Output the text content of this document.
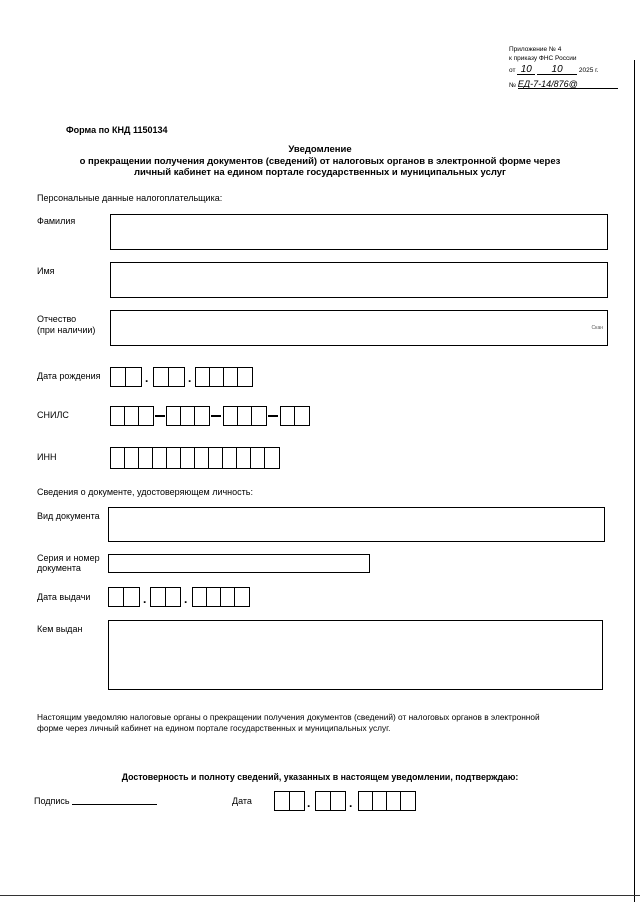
Приложение № 4
к приказу ФНС России
от 10 10	2025 г.
№ ЕД-7-14/876@
Форма по КНД 1150134
Уведомление
о прекращении получения документов (сведений) от налоговых органов в электронной форме через
личный кабинет на едином портале государственных и муниципальных услуг
Персональные данные налогоплательщика:
Фамилия
Имя
Отчество
(при наличии)	Скан
Дата рождения	.	.
СНИЛС
ИНН
Сведения о документе, удостоверяющем личность:
Вид документа
Серия и номер
документа
Дата выдачи	.	.
Кем выдан
Настоящим уведомляю налоговые органы о прекращении получения документов (сведений) от налоговых органов в электронной
форме через личный кабинет на едином портале государственных и муниципальных услуг.
Достоверность и полноту сведений, указанных в настоящем уведомлении, подтверждаю:
Подпись	Дата	.	.
